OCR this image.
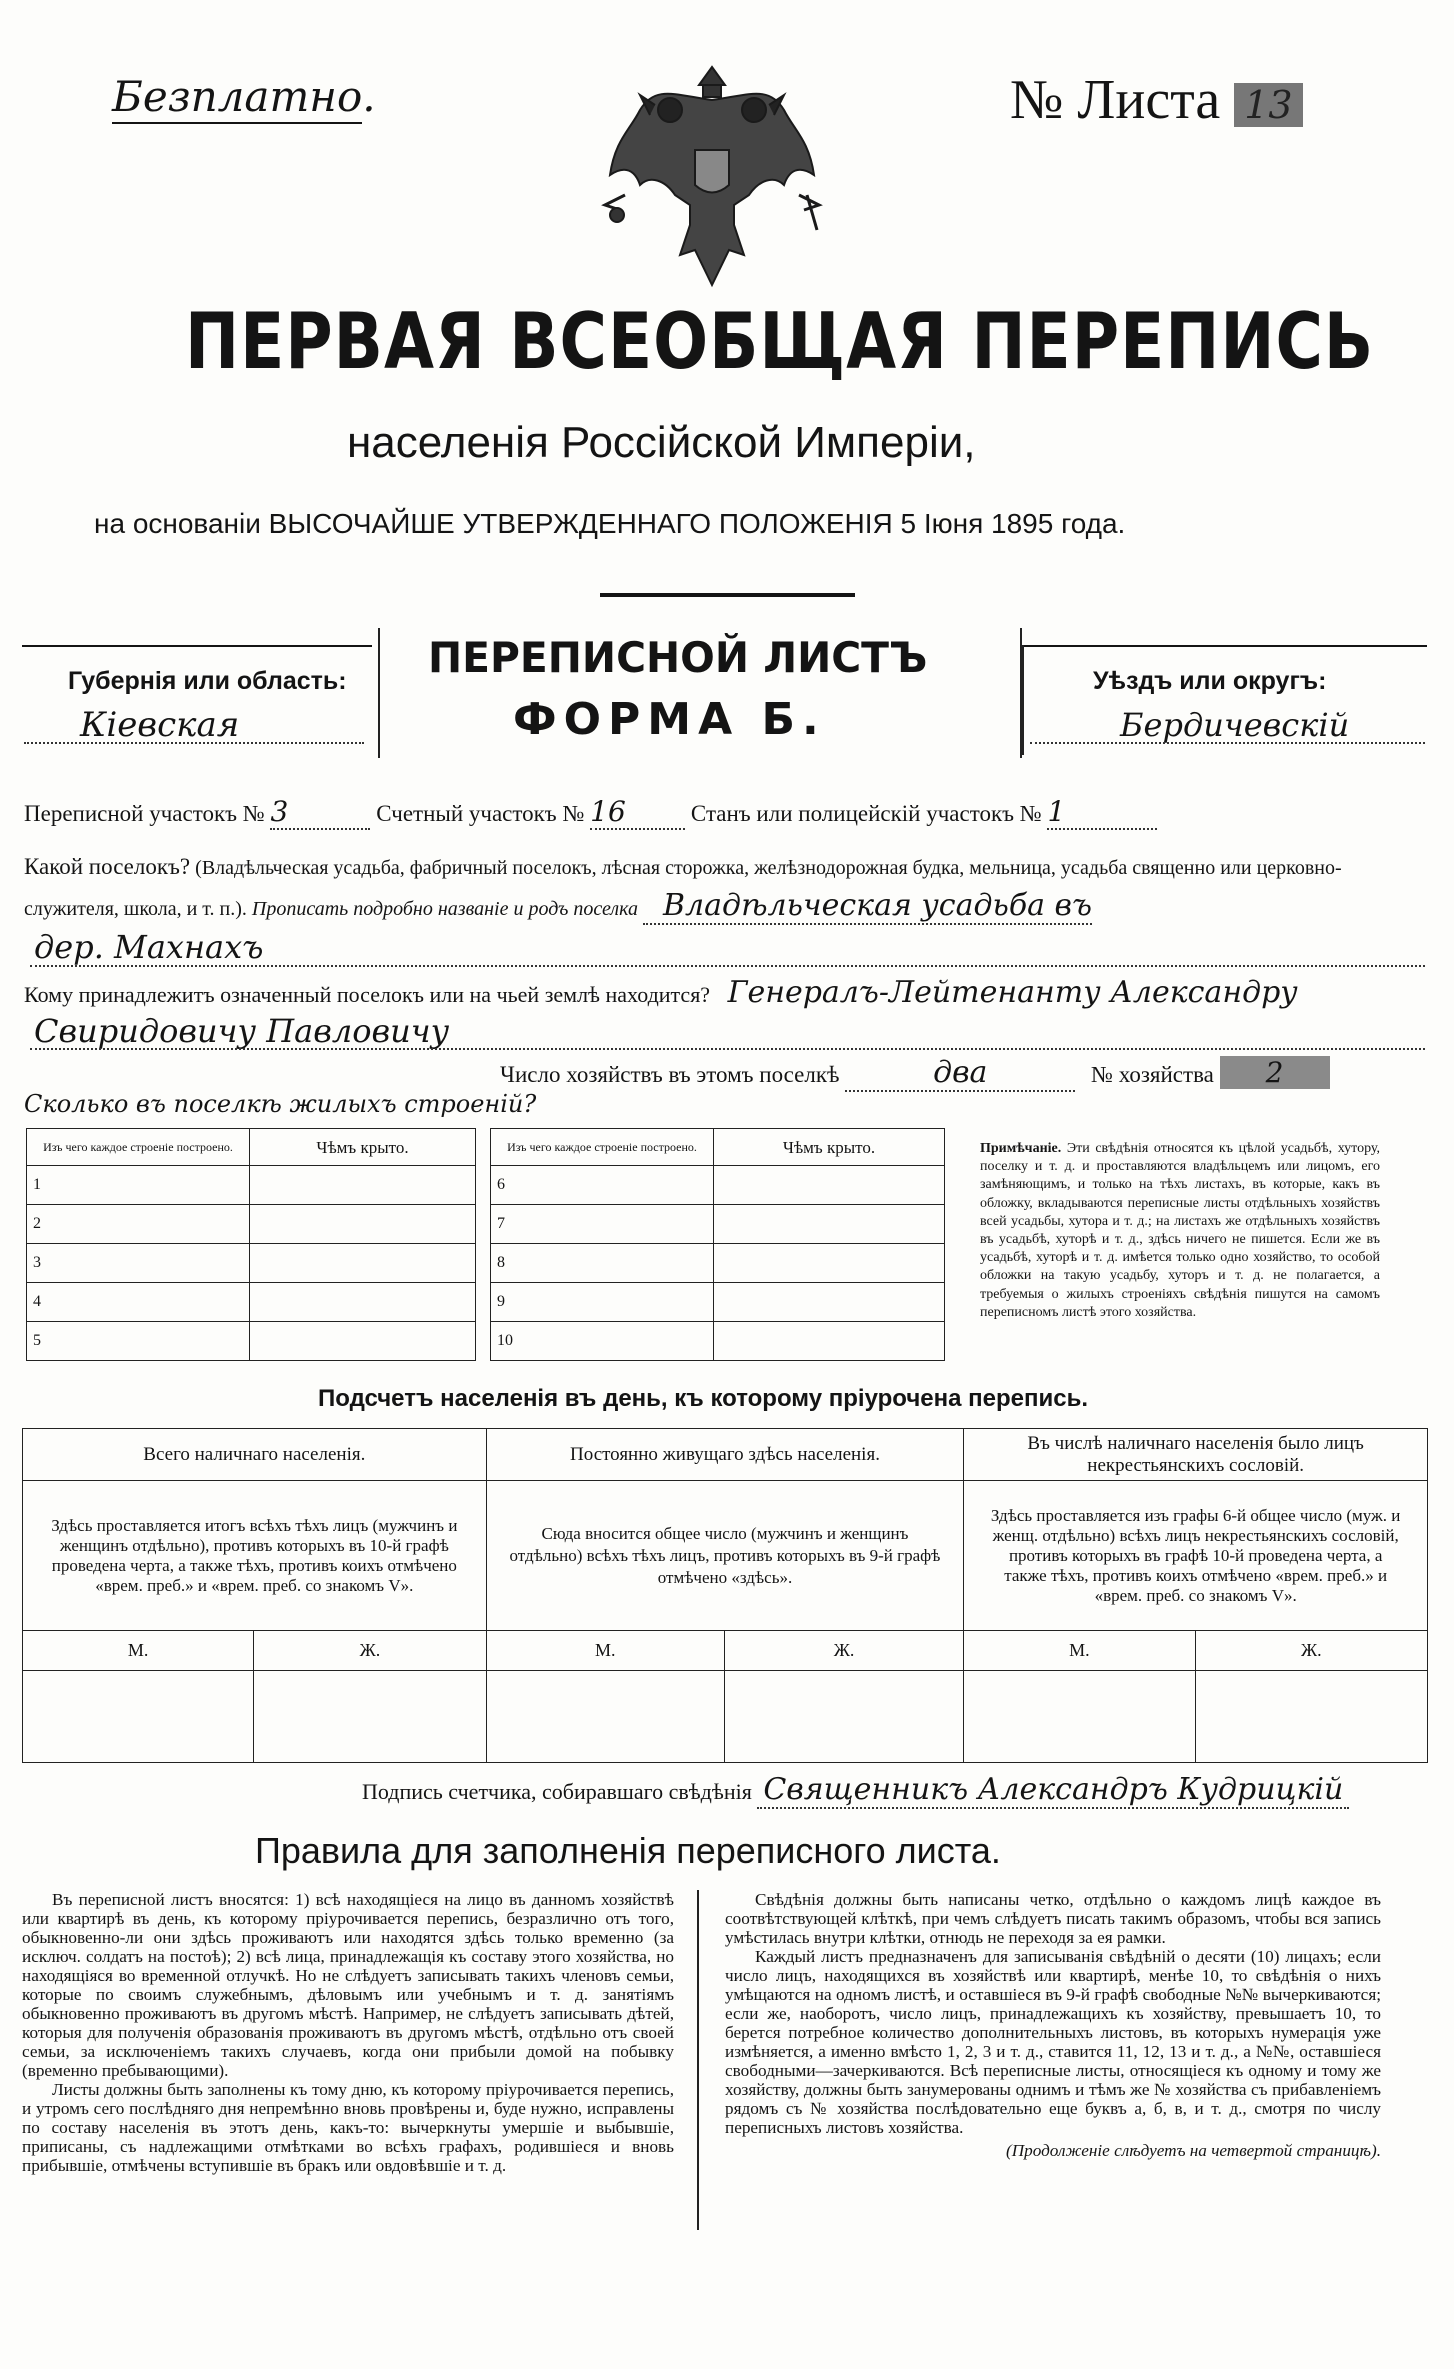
Безплатно.	№ Листа 13
ПЕРВАЯ ВСЕОБЩАЯ ПЕРЕПИСЬ
населенія Россійской Имперіи,
на основаніи ВЫСОЧАЙШЕ УТВЕРЖДЕННАГО ПОЛОЖЕНІЯ 5 Іюня 1895 года.
Губернія или область:
Кіевская
ПЕРЕПИСНОЙ ЛИСТЪ
ФОРМА Б.
Уѣздъ или округъ:
Бердичевскій
Переписной участокъ № 3	Счетный участокъ № 16	Станъ или полицейскій участокъ № 1
Какой поселокъ? (Владѣльческая усадьба, фабричный поселокъ, лѣсная сторожка, желѣзнодорожная будка, мельница, усадьба священно или церковно-служителя, школа, и т. п.). Прописать подробно названіе и родъ поселка Владѣльческая усадьба въ
дер. Махнахъ
Кому принадлежитъ означенный поселокъ или на чьей землѣ находится? Генералъ-Лейтенанту Александру
Свиридовичу Павловичу
Число хозяйствъ въ этомъ поселкѣ	два	№ хозяйства 2
Сколько въ поселкѣ жилыхъ строеній?
Изъ чего каждое строеніе построено.	Чѣмъ крыто.
1	
2	
3	
4	
5	
Изъ чего каждое строеніе построено.	Чѣмъ крыто.
6	
7	
8	
9	
10	
Примѣчаніе. Эти свѣдѣнія относятся къ цѣлой усадьбѣ, хутору, поселку и т. д. и проставляются владѣльцемъ или лицомъ, его замѣняющимъ, и только на тѣхъ листахъ, въ которые, какъ въ обложку, вкладываются переписные листы отдѣльныхъ хозяйствъ всей усадьбы, хутора и т. д.; на листахъ же отдѣльныхъ хозяйствъ въ усадьбѣ, хуторѣ и т. д., здѣсь ничего не пишется. Если же въ усадьбѣ, хуторѣ и т. д. имѣется только одно хозяйство, то особой обложки на такую усадьбу, хуторъ и т. д. не полагается, а требуемыя о жилыхъ строеніяхъ свѣдѣнія пишутся на самомъ переписномъ листѣ этого хозяйства.
Подсчетъ населенія въ день, къ которому пріурочена перепись.
Всего наличнаго населенія.		Постоянно живущаго здѣсь населенія.		Въ числѣ наличнаго населенія было лицъ некрестьянскихъ сословій.	
Здѣсь проставляется итогъ всѣхъ тѣхъ лицъ (мужчинъ и женщинъ отдѣльно), противъ которыхъ въ 10-й графѣ проведена черта, а также тѣхъ, противъ коихъ отмѣчено «врем. преб.» и «врем. преб. со знакомъ V».		Сюда вносится общее число (мужчинъ и женщинъ отдѣльно) всѣхъ тѣхъ лицъ, противъ которыхъ въ 9-й графѣ отмѣчено «здѣсь».		Здѣсь проставляется изъ графы 6-й общее число (муж. и женщ. отдѣльно) всѣхъ лицъ некрестьянскихъ сословій, противъ которыхъ въ графѣ 10-й проведена черта, а также тѣхъ, противъ коихъ отмѣчено «врем. преб.» и «врем. преб. со знакомъ V».	
М.	Ж.	М.	Ж.	М.	Ж.

Подпись счетчика, собиравшаго свѣдѣнія Священникъ Александръ Кудрицкій
Правила для заполненія переписного листа.

Въ переписной листъ вносятся: 1) всѣ находящіеся на лицо въ данномъ хозяйствѣ или квартирѣ въ день, къ которому пріурочивается перепись, безразлично отъ того, обыкновенно-ли они здѣсь проживаютъ или находятся здѣсь только временно (за исключ. солдатъ на постоѣ); 2) всѣ лица, принадлежащія къ составу этого хозяйства, но находящіяся во временной отлучкѣ. Но не слѣдуетъ записывать такихъ членовъ семьи, которые по своимъ служебнымъ, дѣловымъ или учебнымъ и т. д. занятіямъ обыкновенно проживаютъ въ другомъ мѣстѣ. Например, не слѣдуетъ записывать дѣтей, которыя для полученія образованія проживаютъ въ другомъ мѣстѣ, отдѣльно отъ своей семьи, за исключеніемъ такихъ случаевъ, когда они прибыли домой на побывку (временно пребывающими).

Листы должны быть заполнены къ тому дню, къ которому пріурочивается перепись, и утромъ сего послѣдняго дня непремѣнно вновь провѣрены и, буде нужно, исправлены по составу населенія въ этотъ день, какъ-то: вычеркнуты умершіе и выбывшіе, приписаны, съ надлежащими отмѣтками во всѣхъ графахъ, родившіеся и вновь прибывшіе, отмѣчены вступившіе въ бракъ или овдовѣвшіе и т. д.

Свѣдѣнія должны быть написаны четко, отдѣльно о каждомъ лицѣ каждое въ соотвѣтствующей клѣткѣ, при чемъ слѣдуетъ писать такимъ образомъ, чтобы вся запись умѣстилась внутри клѣтки, отнюдь не переходя за ея рамки.

Каждый листъ предназначенъ для записыванія свѣдѣній о десяти (10) лицахъ; если число лицъ, находящихся въ хозяйствѣ или квартирѣ, менѣе 10, то свѣдѣнія о нихъ умѣщаются на одномъ листѣ, и оставшіеся въ 9-й графѣ свободные №№ вычеркиваются; если же, наоборотъ, число лицъ, принадлежащихъ къ хозяйству, превышаетъ 10, то берется потребное количество дополнительныхъ листовъ, въ которыхъ нумерація уже измѣняется, а именно вмѣсто 1, 2, 3 и т. д., ставится 11, 12, 13 и т. д., а №№, оставшіеся свободными—зачеркиваются. Всѣ переписные листы, относящіеся къ одному и тому же хозяйству, должны быть занумерованы однимъ и тѣмъ же № хозяйства съ прибавленіемъ рядомъ съ № хозяйства послѣдовательно еще буквъ а, б, в, и т. д., смотря по числу переписныхъ листовъ хозяйства.

(Продолженіе слѣдуетъ на четвертой страницѣ).
